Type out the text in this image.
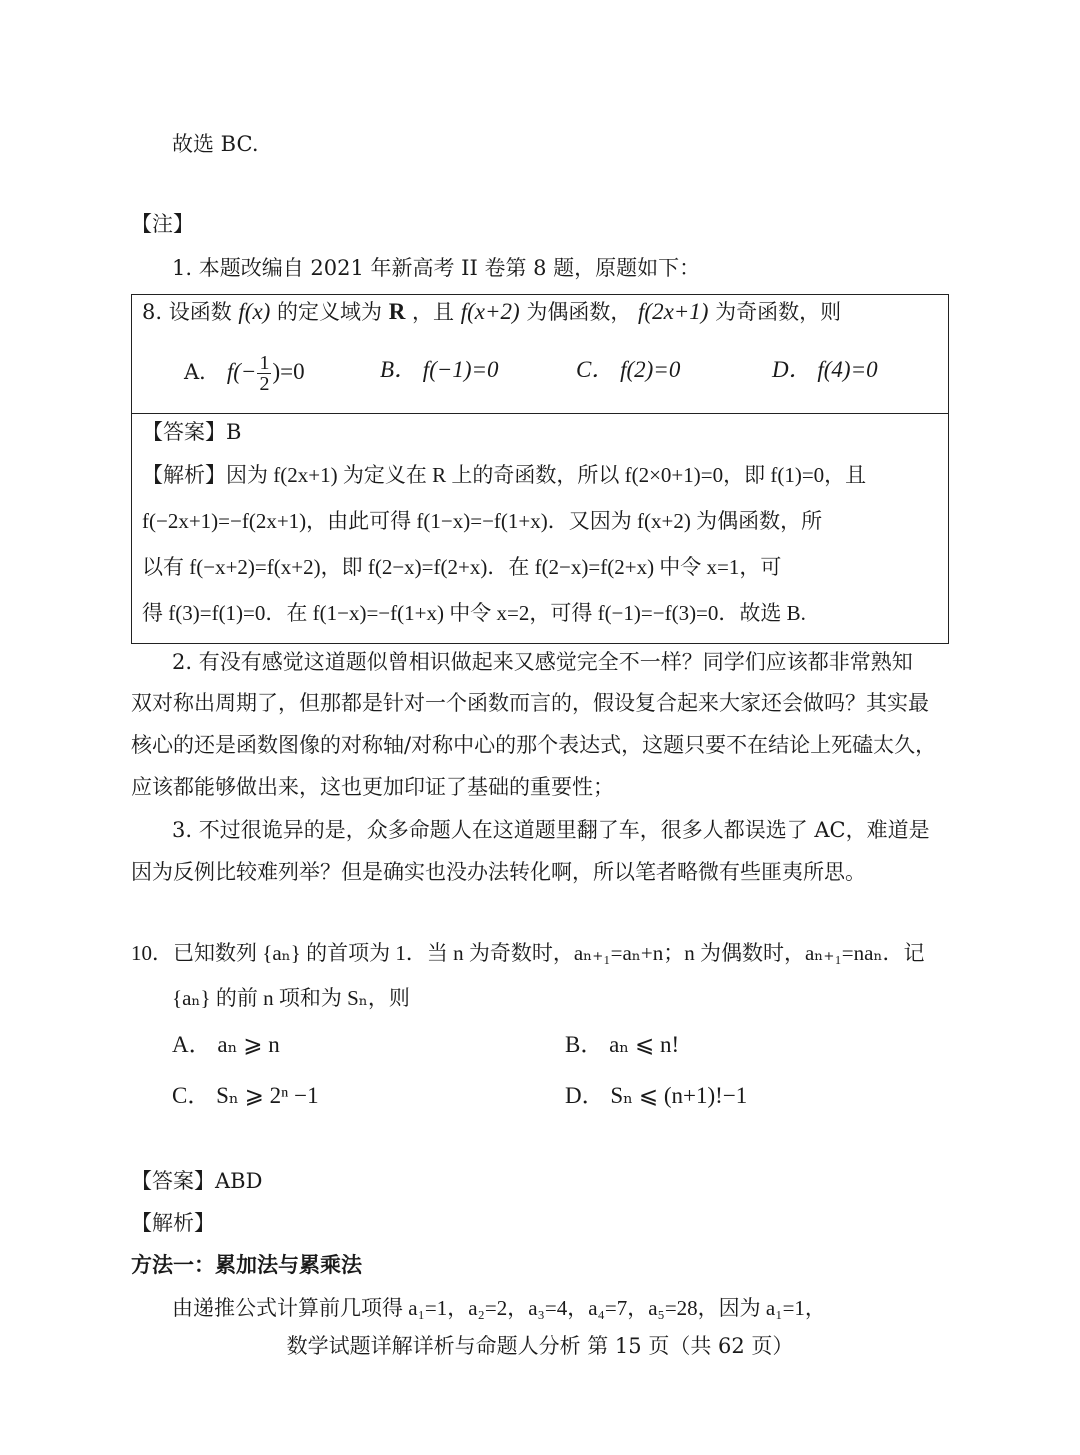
故选 BC.
【注】
1. 本题改编自 2021 年新高考 II 卷第 8 题，原题如下：
8. 设函数 f(x) 的定义域为 R ，且 f(x+2) 为偶函数， f(2x+1) 为奇函数，则
A． $f(- \frac{1}{2} )=0$	B． f(−1)=0	C． f(2)=0	D． f(4)=0
【答案】B
【解析】因为 f(2x+1) 为定义在 R 上的奇函数，所以 f(2×0+1)=0，即 f(1)=0，且
f(−2x+1)=−f(2x+1)，由此可得 f(1−x)=−f(1+x)．又因为 f(x+2) 为偶函数，所
以有 f(−x+2)=f(x+2)，即 f(2−x)=f(2+x)．在 f(2−x)=f(2+x) 中令 x=1，可
得 f(3)=f(1)=0．在 f(1−x)=−f(1+x) 中令 x=2，可得 f(−1)=−f(3)=0．故选 B.
2. 有没有感觉这道题似曾相识做起来又感觉完全不一样？同学们应该都非常熟知
双对称出周期了，但那都是针对一个函数而言的，假设复合起来大家还会做吗？其实最
核心的还是函数图像的对称轴/对称中心的那个表达式，这题只要不在结论上死磕太久，
应该都能够做出来，这也更加印证了基础的重要性；
3. 不过很诡异的是，众多命题人在这道题里翻了车，很多人都误选了 AC，难道是
因为反例比较难列举？但是确实也没办法转化啊，所以笔者略微有些匪夷所思。
10．已知数列 {aₙ} 的首项为 1．当 n 为奇数时，aₙ₊₁=aₙ+n；n 为偶数时，aₙ₊₁=naₙ．记
{aₙ} 的前 n 项和为 Sₙ，则
A． aₙ ⩾ n	B． aₙ ⩽ n!
C． Sₙ ⩾ 2ⁿ −1	D． Sₙ ⩽ (n+1)!−1
【答案】ABD
【解析】
方法一：累加法与累乘法
由递推公式计算前几项得 a₁=1，a₂=2，a₃=4，a₄=7，a₅=28，因为 a₁=1，
数学试题详解详析与命题人分析 第 15 页（共 62 页）
